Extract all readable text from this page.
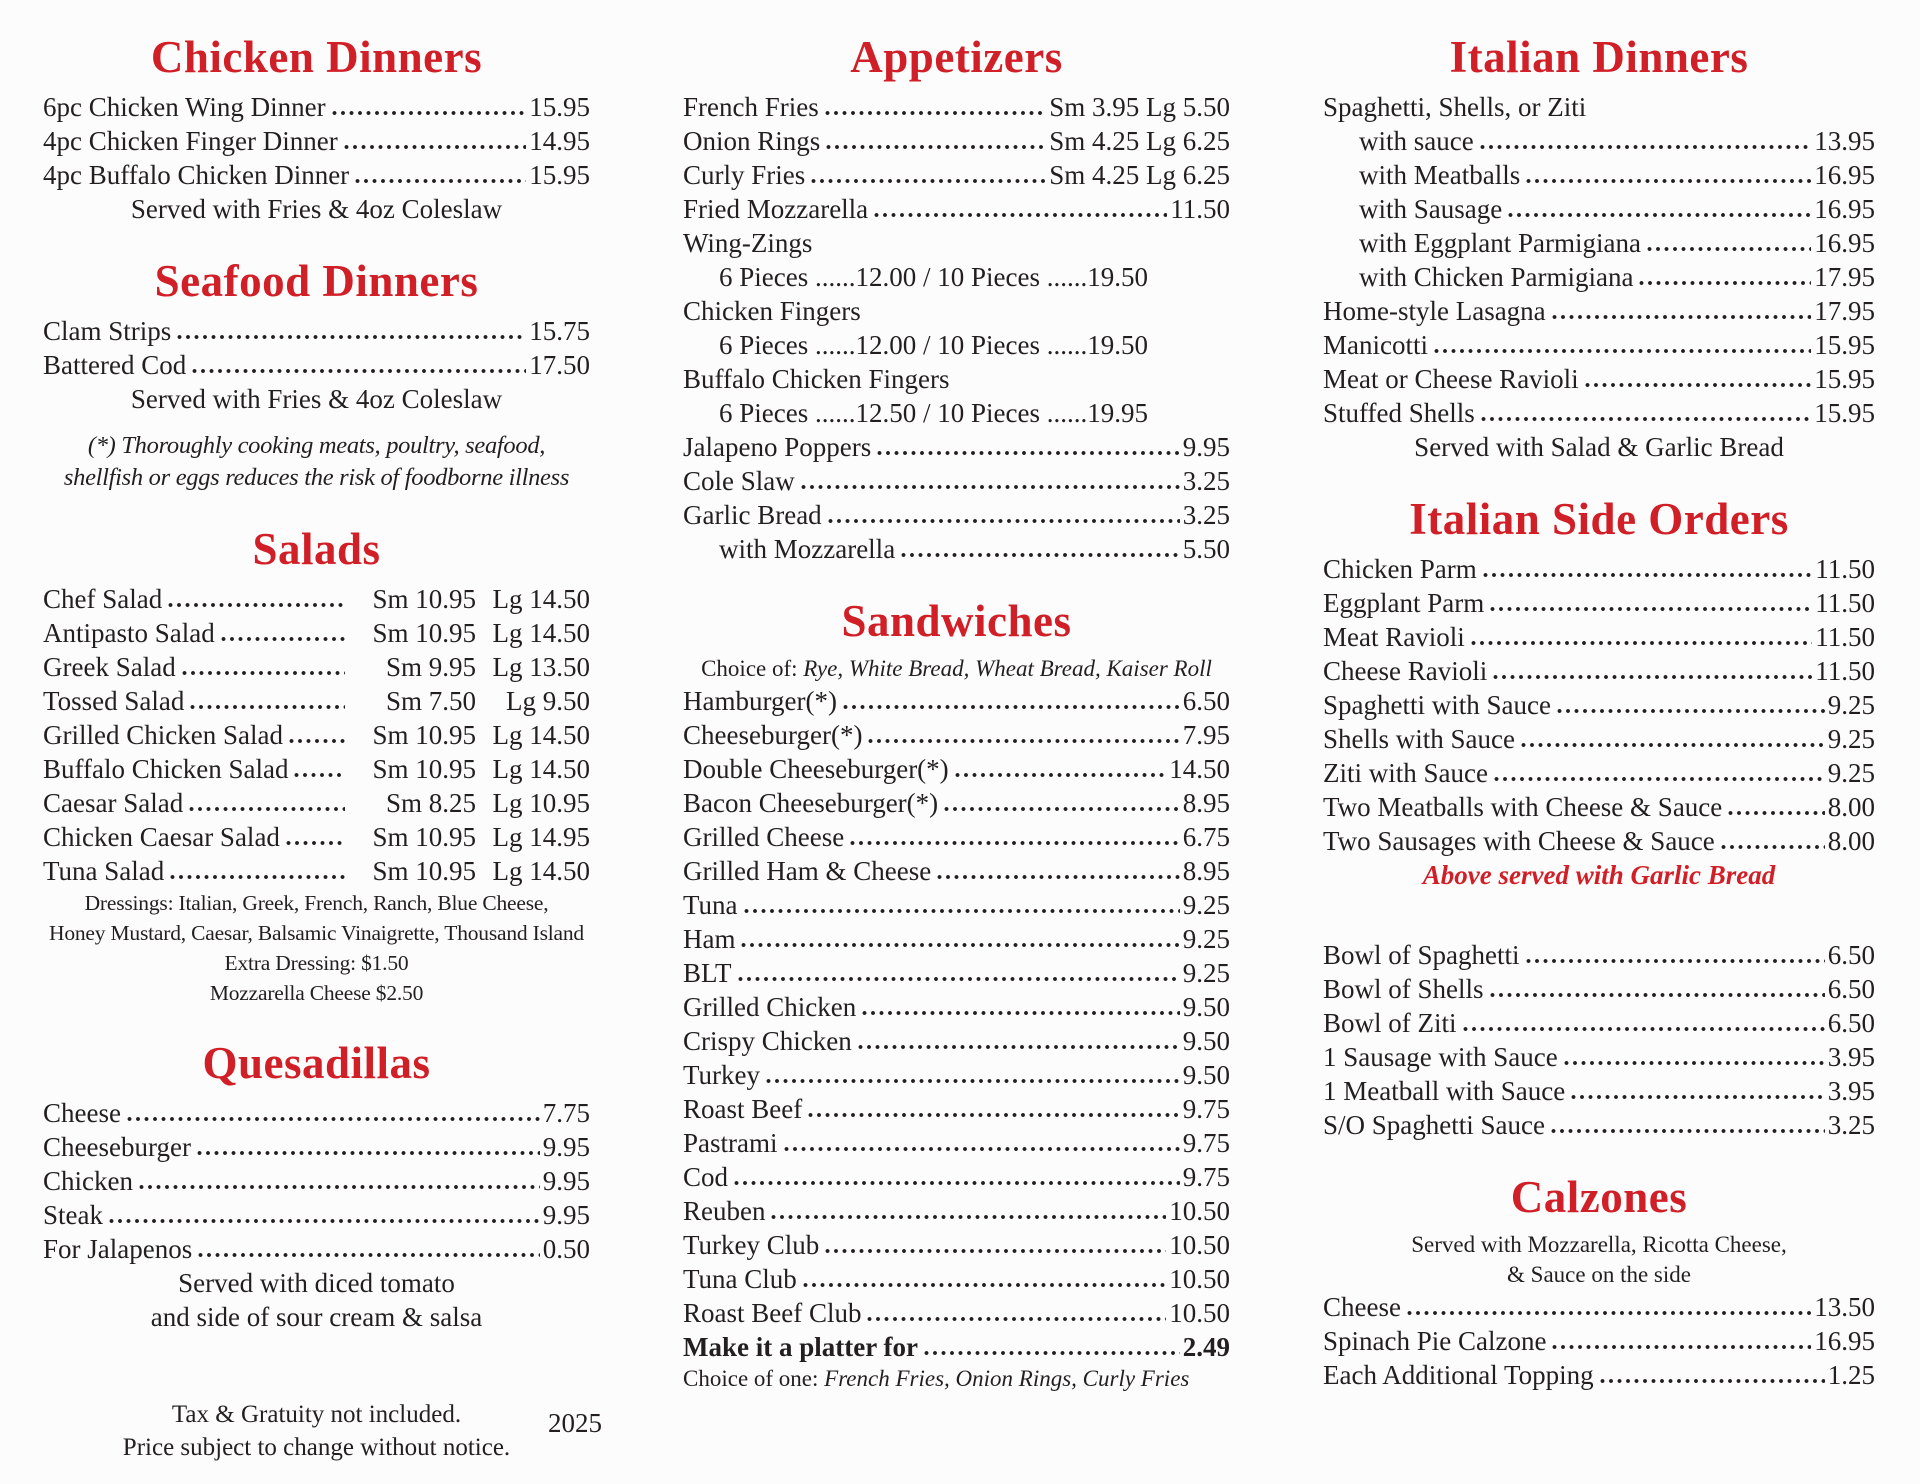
Chicken Dinners
6pc Chicken Wing Dinner	15.95
4pc Chicken Finger Dinner	14.95
4pc Buffalo Chicken Dinner	15.95
Served with Fries & 4oz Coleslaw
Seafood Dinners
Clam Strips	15.75
Battered Cod	17.50
Served with Fries & 4oz Coleslaw
(*) Thoroughly cooking meats, poultry, seafood,
shellfish or eggs reduces the risk of foodborne illness
Salads
Chef Salad	Sm 10.95 Lg 14.50
Antipasto Salad	Sm 10.95 Lg 14.50
Greek Salad	Sm 9.95 Lg 13.50
Tossed Salad	Sm 7.50	Lg 9.50
Grilled Chicken Salad	Sm 10.95 Lg 14.50
Buffalo Chicken Salad	Sm 10.95 Lg 14.50
Caesar Salad	Sm 8.25 Lg 10.95
Chicken Caesar Salad	Sm 10.95 Lg 14.95
Tuna Salad	Sm 10.95 Lg 14.50
Dressings: Italian, Greek, French, Ranch, Blue Cheese,
Honey Mustard, Caesar, Balsamic Vinaigrette, Thousand Island
Extra Dressing: $1.50
Mozzarella Cheese $2.50
Quesadillas
Cheese	7.75
Cheeseburger	9.95
Chicken	9.95
Steak	9.95
For Jalapenos	0.50
Served with diced tomato
and side of sour cream & salsa
Appetizers
French Fries	Sm 3.95 Lg 5.50
Onion Rings	Sm 4.25 Lg 6.25
Curly Fries	Sm 4.25 Lg 6.25
Fried Mozzarella	11.50
Wing-Zings
6 Pieces ......12.00 / 10 Pieces ......19.50
Chicken Fingers
6 Pieces ......12.00 / 10 Pieces ......19.50
Buffalo Chicken Fingers
6 Pieces ......12.50 / 10 Pieces ......19.95
Jalapeno Poppers	9.95
Cole Slaw	3.25
Garlic Bread	3.25
with Mozzarella	5.50
Sandwiches
Choice of: Rye, White Bread, Wheat Bread, Kaiser Roll
Hamburger(*)	6.50
Cheeseburger(*)	7.95
Double Cheeseburger(*)	14.50
Bacon Cheeseburger(*)	8.95
Grilled Cheese	6.75
Grilled Ham & Cheese	8.95
Tuna	9.25
Ham	9.25
BLT	9.25
Grilled Chicken	9.50
Crispy Chicken	9.50
Turkey	9.50
Roast Beef	9.75
Pastrami	9.75
Cod	9.75
Reuben	10.50
Turkey Club	10.50
Tuna Club	10.50
Roast Beef Club	10.50
Make it a platter for	2.49
Choice of one: French Fries, Onion Rings, Curly Fries
Italian Dinners
Spaghetti, Shells, or Ziti
with sauce	13.95
with Meatballs	16.95
with Sausage	16.95
with Eggplant Parmigiana	16.95
with Chicken Parmigiana	17.95
Home-style Lasagna	17.95
Manicotti	15.95
Meat or Cheese Ravioli	15.95
Stuffed Shells	15.95
Served with Salad & Garlic Bread
Italian Side Orders
Chicken Parm	11.50
Eggplant Parm	11.50
Meat Ravioli	11.50
Cheese Ravioli	11.50
Spaghetti with Sauce	9.25
Shells with Sauce	9.25
Ziti with Sauce	9.25
Two Meatballs with Cheese & Sauce	8.00
Two Sausages with Cheese & Sauce	8.00
Above served with Garlic Bread
Bowl of Spaghetti	6.50
Bowl of Shells	6.50
Bowl of Ziti	6.50
1 Sausage with Sauce	3.95
1 Meatball with Sauce	3.95
S/O Spaghetti Sauce	3.25
Calzones
Served with Mozzarella, Ricotta Cheese,
& Sauce on the side
Cheese	13.50
Spinach Pie Calzone	16.95
Each Additional Topping	1.25
Tax & Gratuity not included.
Price subject to change without notice.
2025
